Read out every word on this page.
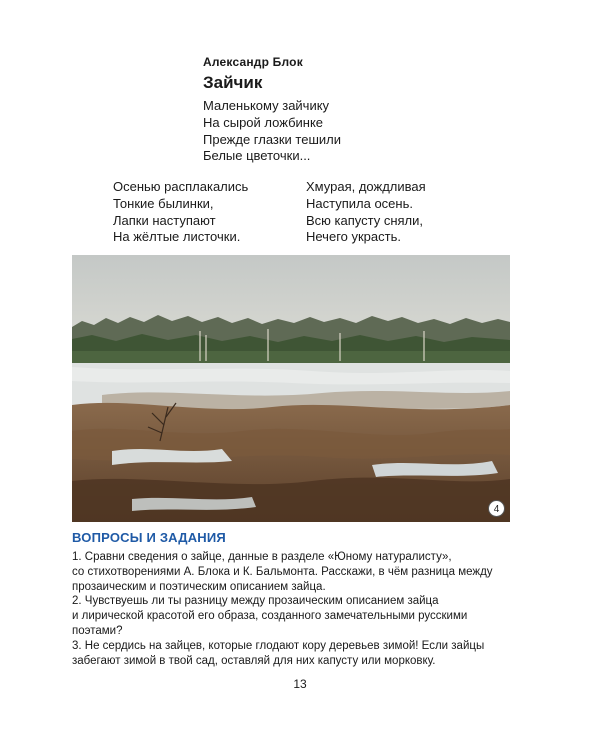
Александр Блок
Зайчик
Маленькому зайчику
На сырой ложбинке
Прежде глазки тешили
Белые цветочки...
Осенью расплакались
Тонкие былинки,
Лапки наступают
На жёлтые листочки.
Хмурая, дождливая
Наступила осень.
Всю капусту сняли,
Нечего украсть.
4
ВОПРОСЫ И ЗАДАНИЯ
1. Сравни сведения о зайце, данные в разделе «Юному натуралисту»,
со стихотворениями А. Блока и К. Бальмонта. Расскажи, в чём разница между
прозаическим и поэтическим описанием зайца.
2. Чувствуешь ли ты разницу между прозаическим описанием зайца
и лирической красотой его образа, созданного замечательными русскими
поэтами?
3. Не сердись на зайцев, которые глодают кору деревьев зимой! Если зайцы
забегают зимой в твой сад, оставляй для них капусту или морковку.
13
